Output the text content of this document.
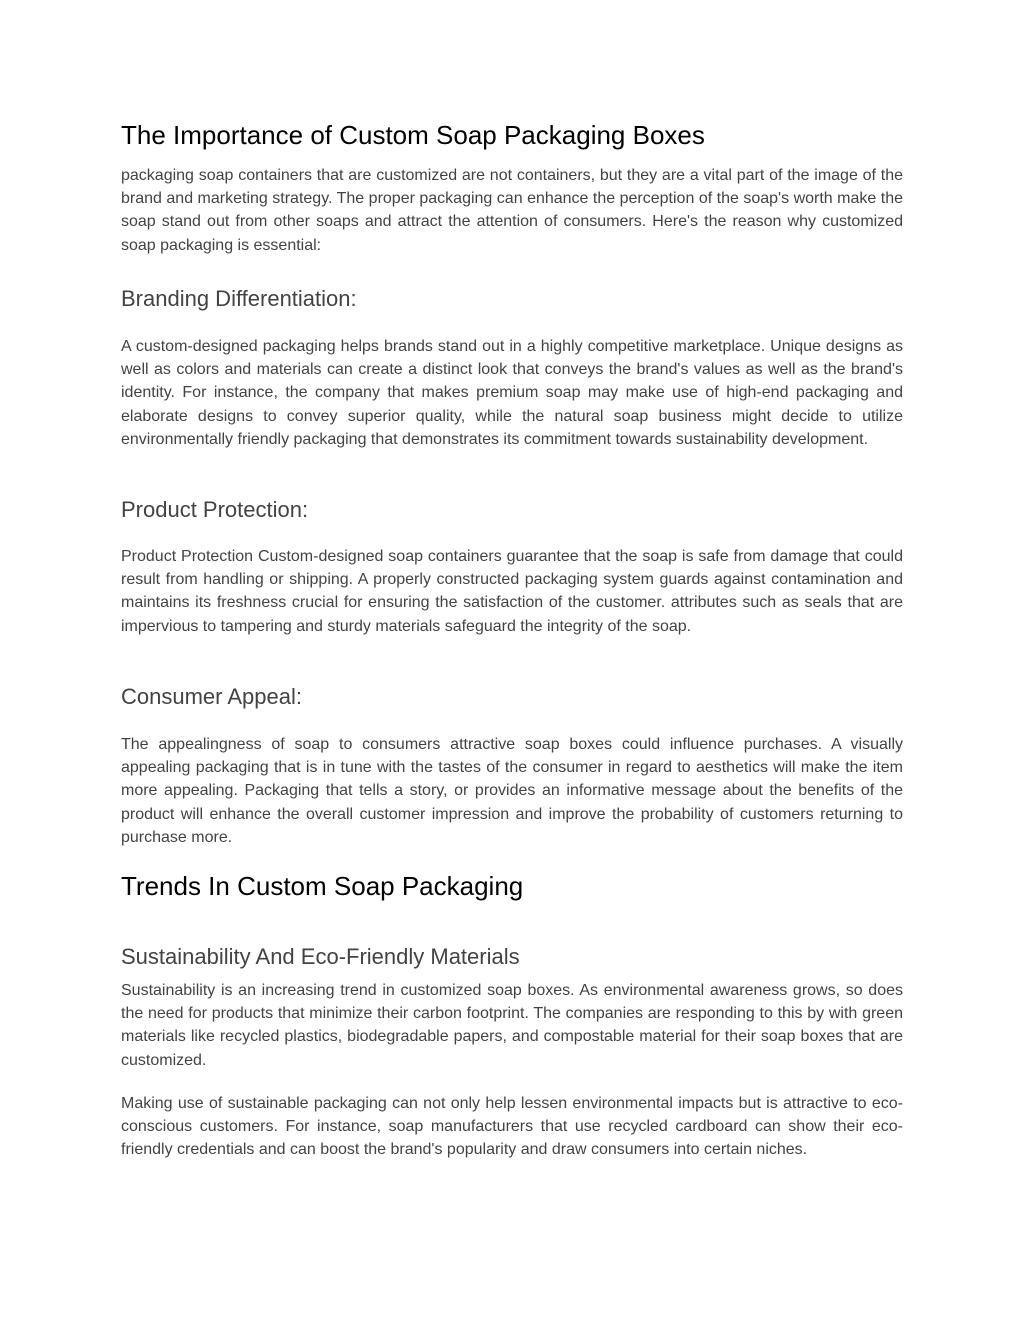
The Importance of Custom Soap Packaging Boxes

packaging soap containers that are customized are not containers, but they are a vital part of the image of the brand and marketing strategy. The proper packaging can enhance the perception of the soap's worth make the soap stand out from other soaps and attract the attention of consumers. Here's the reason why customized soap packaging is essential:

Branding Differentiation:

A custom-designed packaging helps brands stand out in a highly competitive marketplace. Unique designs as well as colors and materials can create a distinct look that conveys the brand's values as well as the brand's identity. For instance, the company that makes premium soap may make use of high-end packaging and elaborate designs to convey superior quality, while the natural soap business might decide to utilize environmentally friendly packaging that demonstrates its commitment towards sustainability development.

Product Protection:

Product Protection Custom-designed soap containers guarantee that the soap is safe from damage that could result from handling or shipping. A properly constructed packaging system guards against contamination and maintains its freshness crucial for ensuring the satisfaction of the customer. attributes such as seals that are impervious to tampering and sturdy materials safeguard the integrity of the soap.

Consumer Appeal:

The appealingness of soap to consumers attractive soap boxes could influence purchases. A visually appealing packaging that is in tune with the tastes of the consumer in regard to aesthetics will make the item more appealing. Packaging that tells a story, or provides an informative message about the benefits of the product will enhance the overall customer impression and improve the probability of customers returning to purchase more.

Trends In Custom Soap Packaging
Sustainability And Eco-Friendly Materials

Sustainability is an increasing trend in customized soap boxes. As environmental awareness grows, so does the need for products that minimize their carbon footprint. The companies are responding to this by with green materials like recycled plastics, biodegradable papers, and compostable material for their soap boxes that are customized.

Making use of sustainable packaging can not only help lessen environmental impacts but is attractive to eco-conscious customers. For instance, soap manufacturers that use recycled cardboard can show their eco-friendly credentials and can boost the brand's popularity and draw consumers into certain niches.
